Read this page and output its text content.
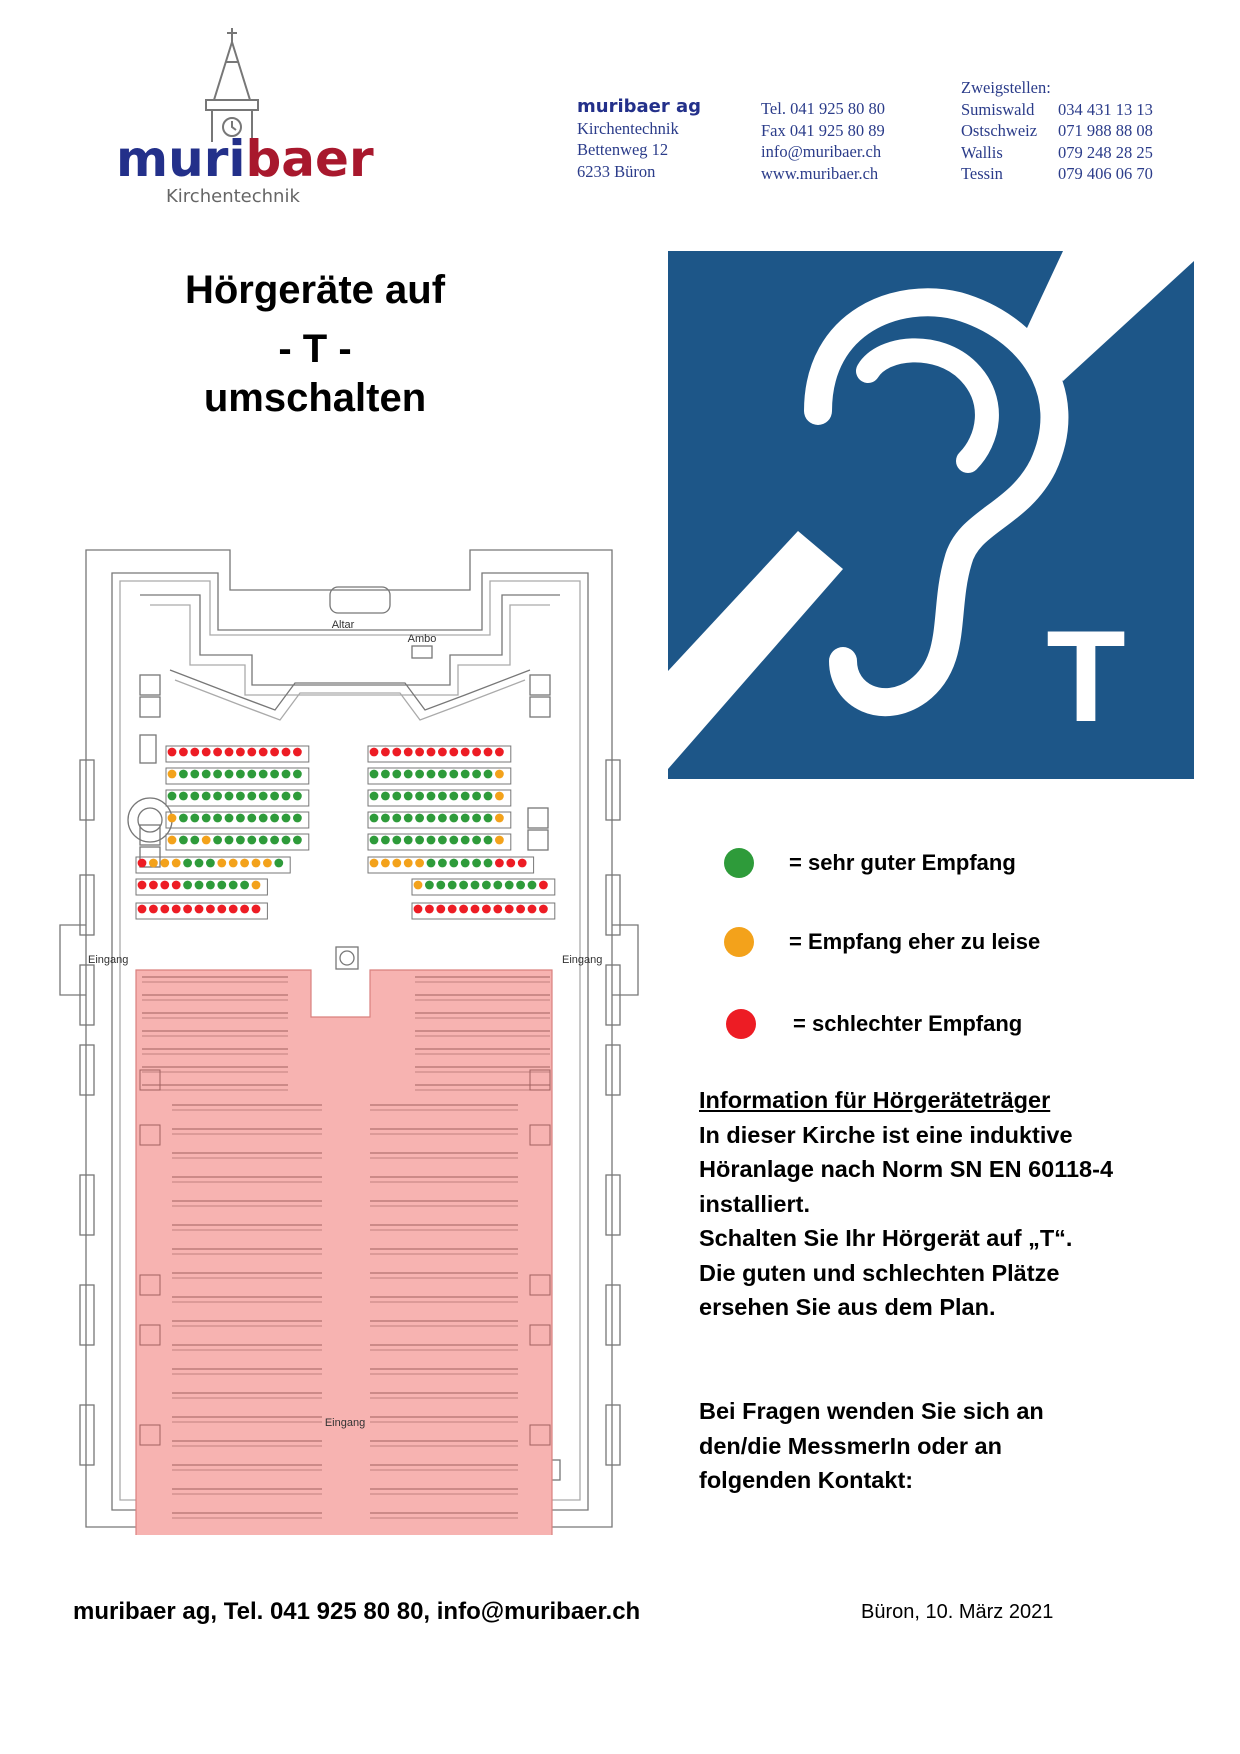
muribaer
Kirchentechnik
muribaer ag
Kirchentechnik
Bettenweg 12
6233 Büron
Tel. 041 925 80 80
Fax 041 925 80 89
info@muribaer.ch
www.muribaer.ch
Zweigstellen:
Sumiswald 034 431 13 13
Ostschweiz 071 988 88 08
Wallis	079 248 28 25
Tessin	079 406 06 70
Hörgeräte auf
- T -
umschalten
T
Altar
Ambo
Eingang	Eingang
Eingang
= sehr guter Empfang
= Empfang eher zu leise
= schlechter Empfang
Information für Hörgeräteträger
In dieser Kirche ist eine induktive
Höranlage nach Norm SN EN 60118-4
installiert.
Schalten Sie Ihr Hörgerät auf „T“.
Die guten und schlechten Plätze
ersehen Sie aus dem Plan.
Bei Fragen wenden Sie sich an
den/die MessmerIn oder an
folgenden Kontakt:
muribaer ag, Tel. 041 925 80 80, info@muribaer.ch	Büron, 10. März 2021
